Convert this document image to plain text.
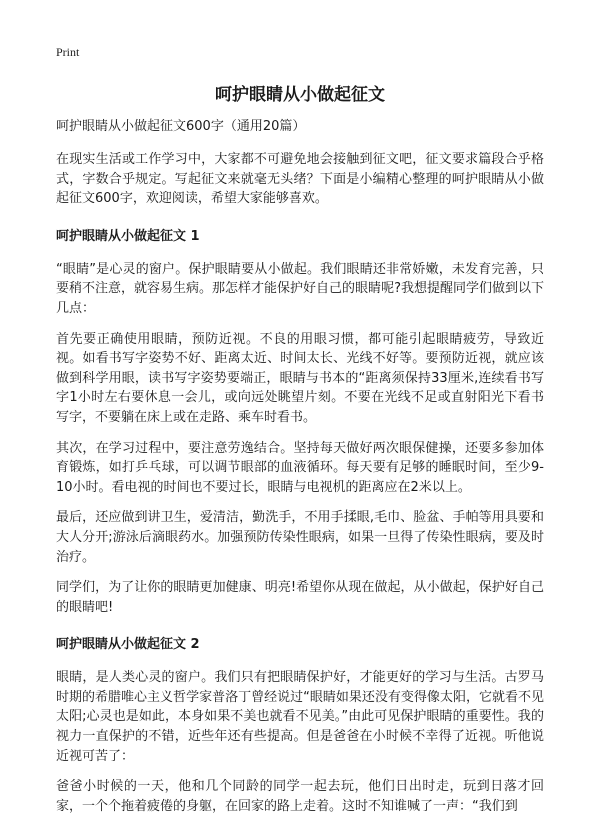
Print
呵护眼睛从小做起征文
呵护眼睛从小做起征文600字（通用20篇）

在现实生活或工作学习中，大家都不可避免地会接触到征文吧，征文要求篇段合乎格式，字数合乎规定。写起征文来就毫无头绪？下面是小编精心整理的呵护眼睛从小做起征文600字，欢迎阅读，希望大家能够喜欢。

呵护眼睛从小做起征文 1

“眼睛”是心灵的窗户。保护眼睛要从小做起。我们眼睛还非常娇嫩，未发育完善，只要稍不注意，就容易生病。那怎样才能保护好自己的眼睛呢?我想提醒同学们做到以下几点：

首先要正确使用眼睛，预防近视。不良的用眼习惯，都可能引起眼睛疲劳，导致近视。如看书写字姿势不好、距离太近、时间太长、光线不好等。要预防近视，就应该做到科学用眼，读书写字姿势要端正，眼睛与书本的“距离须保持33厘米,连续看书写字1小时左右要休息一会儿，或向远处眺望片刻。不要在光线不足或直射阳光下看书写字，不要躺在床上或在走路、乘车时看书。

其次，在学习过程中，要注意劳逸结合。坚持每天做好两次眼保健操，还要多参加体育锻炼，如打乒乓球，可以调节眼部的血液循环。每天要有足够的睡眠时间，至少9-10小时。看电视的时间也不要过长，眼睛与电视机的距离应在2米以上。

最后，还应做到讲卫生，爱清洁，勤洗手，不用手揉眼,毛巾、脸盆、手帕等用具要和大人分开;游泳后滴眼药水。加强预防传染性眼病，如果一旦得了传染性眼病，要及时治疗。

同学们，为了让你的眼睛更加健康、明亮!希望你从现在做起，从小做起，保护好自己的眼睛吧!

呵护眼睛从小做起征文 2

眼睛，是人类心灵的窗户。我们只有把眼睛保护好，才能更好的学习与生活。古罗马时期的希腊唯心主义哲学家普洛丁曾经说过“眼睛如果还没有变得像太阳，它就看不见太阳;心灵也是如此，本身如果不美也就看不见美。”由此可见保护眼睛的重要性。我的视力一直保护的不错，近些年还有些提高。但是爸爸在小时候不幸得了近视。听他说近视可苦了：

爸爸小时候的一天，他和几个同龄的同学一起去玩，他们日出时走，玩到日落才回家，一个个拖着疲倦的身躯，在回家的路上走着。这时不知谁喊了一声：“我们到
